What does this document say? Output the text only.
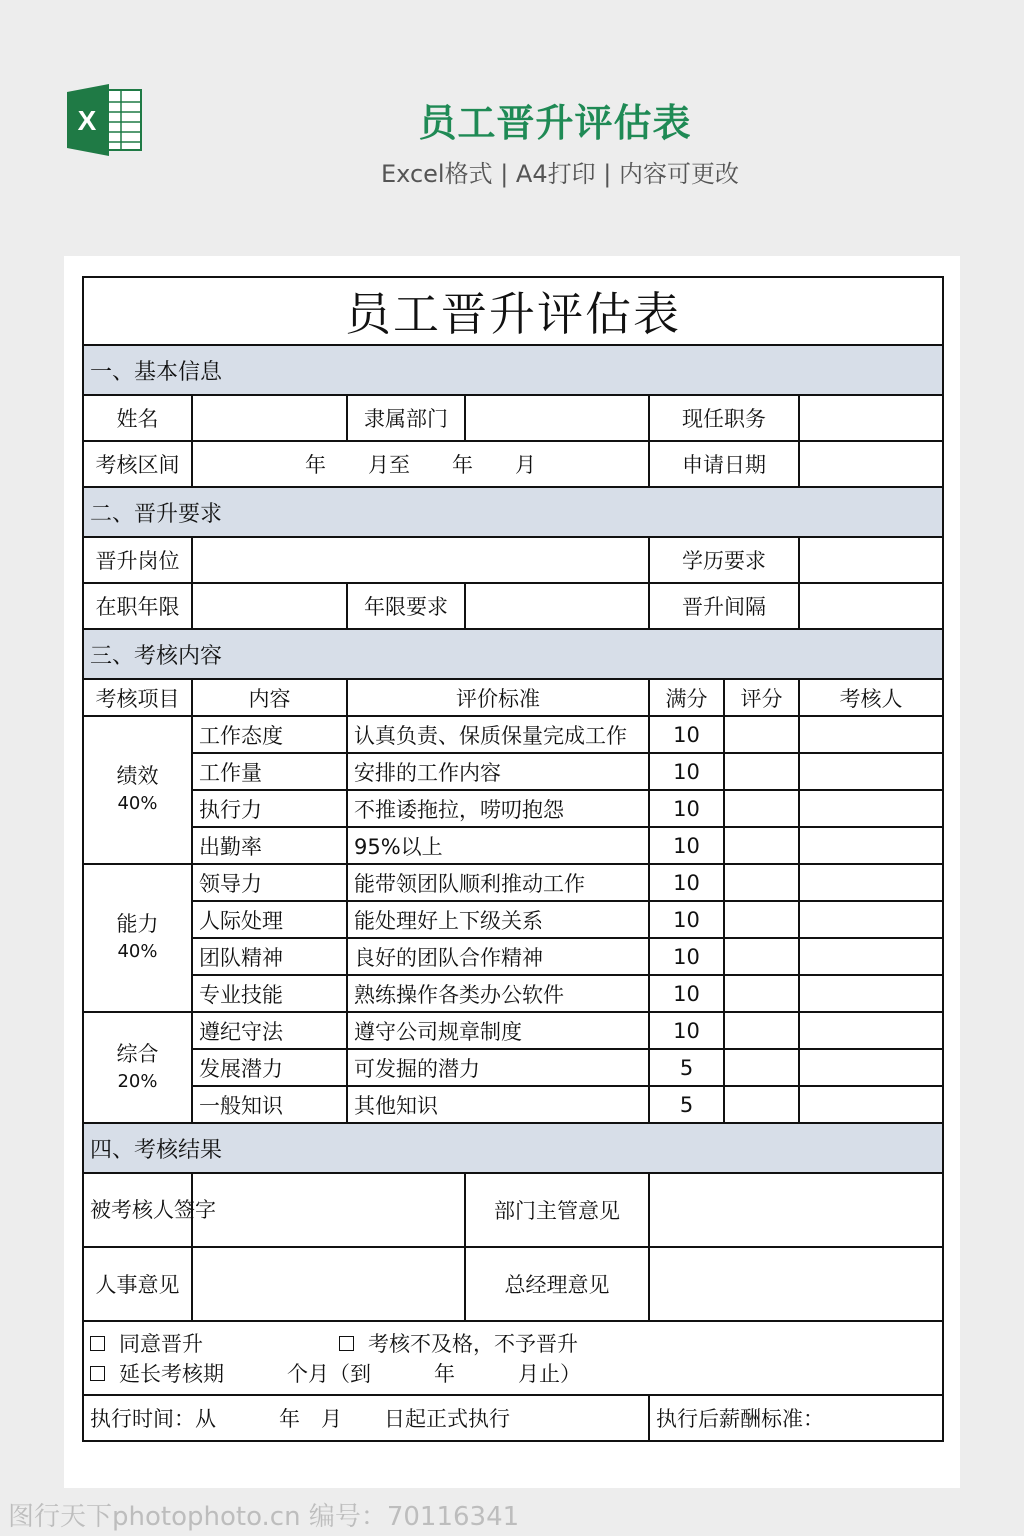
X	员工晋升评估表
Excel格式 | A4打印 | 内容可更改
员工晋升评估表						
一、基本信息						
姓名		隶属部门		现任职务		
考核区间	年　　月至　　年　　月			申请日期		
二、晋升要求						
晋升岗位				学历要求		
在职年限		年限要求		晋升间隔		
三、考核内容						
考核项目	内容	评价标准		满分	评分	考核人
绩效
40%	工作态度	认真负责、保质保量完成工作		10		
	工作量	安排的工作内容		10		
	执行力	不推诿拖拉，唠叨抱怨		10		
	出勤率	95%以上		10		
能力
40%	领导力	能带领团队顺利推动工作		10		
	人际处理	能处理好上下级关系		10		
	团队精神	良好的团队合作精神		10		
	专业技能	熟练操作各类办公软件		10		
综合
20%	遵纪守法	遵守公司规章制度		10		
	发展潜力	可发掘的潜力		5		
	一般知识	其他知识		5		
四、考核结果						
被考核人签字			部门主管意见			
人事意见			总经理意见			

同意晋升 考核不及格，不予晋升
延长考核期　　　个月（到　　　年　　　月止）						

执行时间：从　　　年　月　　日起正式执行				执行后薪酬标准：		
图行天下photophoto.cn 编号：70116341
